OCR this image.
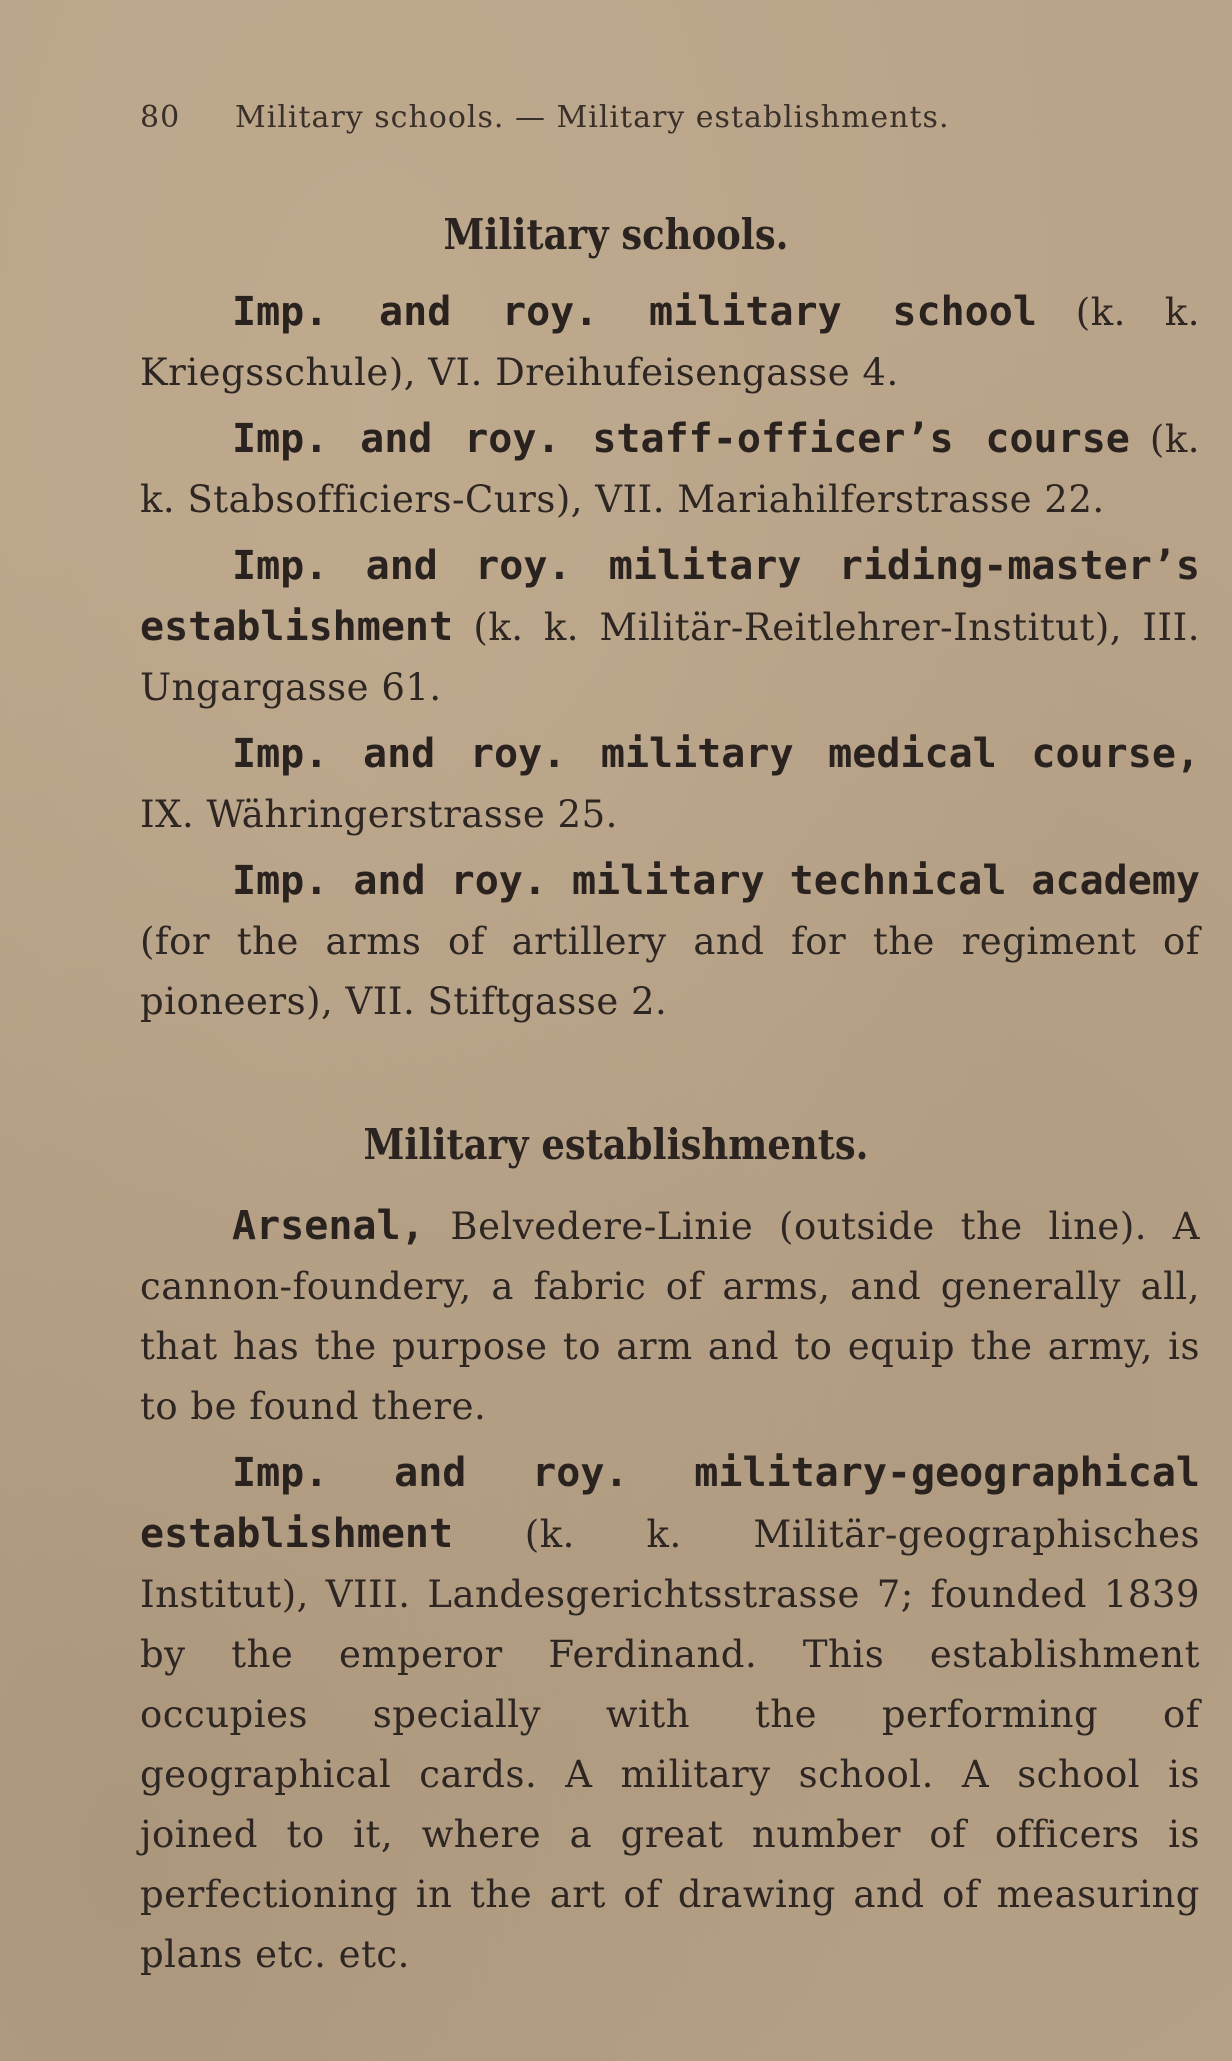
80 Military schools. — Military establishments.
Military schools.

Imp. and roy. military school (k. k. Kriegsschule), VI. Dreihufeisengasse 4.

Imp. and roy. staff-officer’s course (k. k. Stabsofficiers-Curs), VII. Mariahilferstrasse 22.

Imp. and roy. military riding-master’s establishment (k. k. Militär-Reitlehrer-Institut), III. Ungargasse 61.

Imp. and roy. military medical course, IX. Währingerstrasse 25.

Imp. and roy. military technical academy (for the arms of artillery and for the regiment of pioneers), VII. Stiftgasse 2.

Military establishments.

Arsenal, Belvedere-Linie (outside the line). A cannon-foundery, a fabric of arms, and generally all, that has the purpose to arm and to equip the army, is to be found there.

Imp. and roy. military-geographical establishment (k. k. Militär-geographisches Institut), VIII. Landesgerichtsstrasse 7; founded 1839 by the emperor Ferdinand. This establishment occupies specially with the performing of geographical cards. A military school. A school is joined to it, where a great number of officers is perfectioning in the art of drawing and of measuring plans etc. etc.
